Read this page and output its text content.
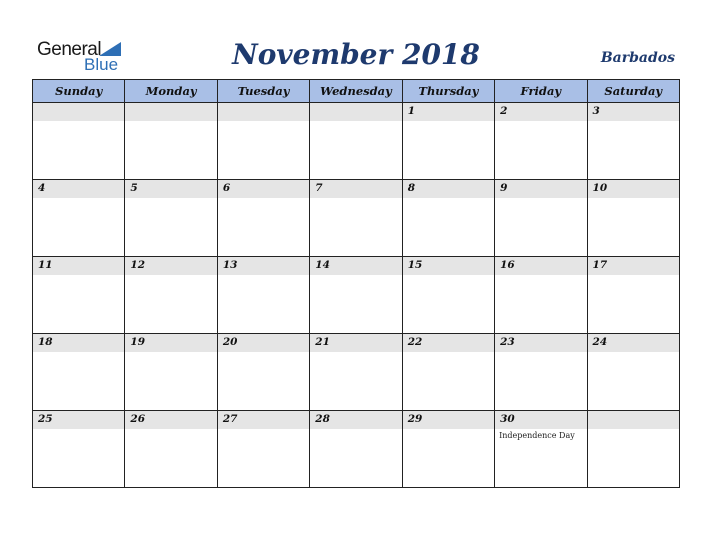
General
Blue	November 2018	Barbados
Sunday	Monday	Tuesday	Wednesday	Thursday	Friday	Saturday

				1	2	3

4	5	6	7	8	9	10

11	12	13	14	15	16	17

18	19	20	21	22	23	24

25	26	27	28	29	30
Independence Day	
